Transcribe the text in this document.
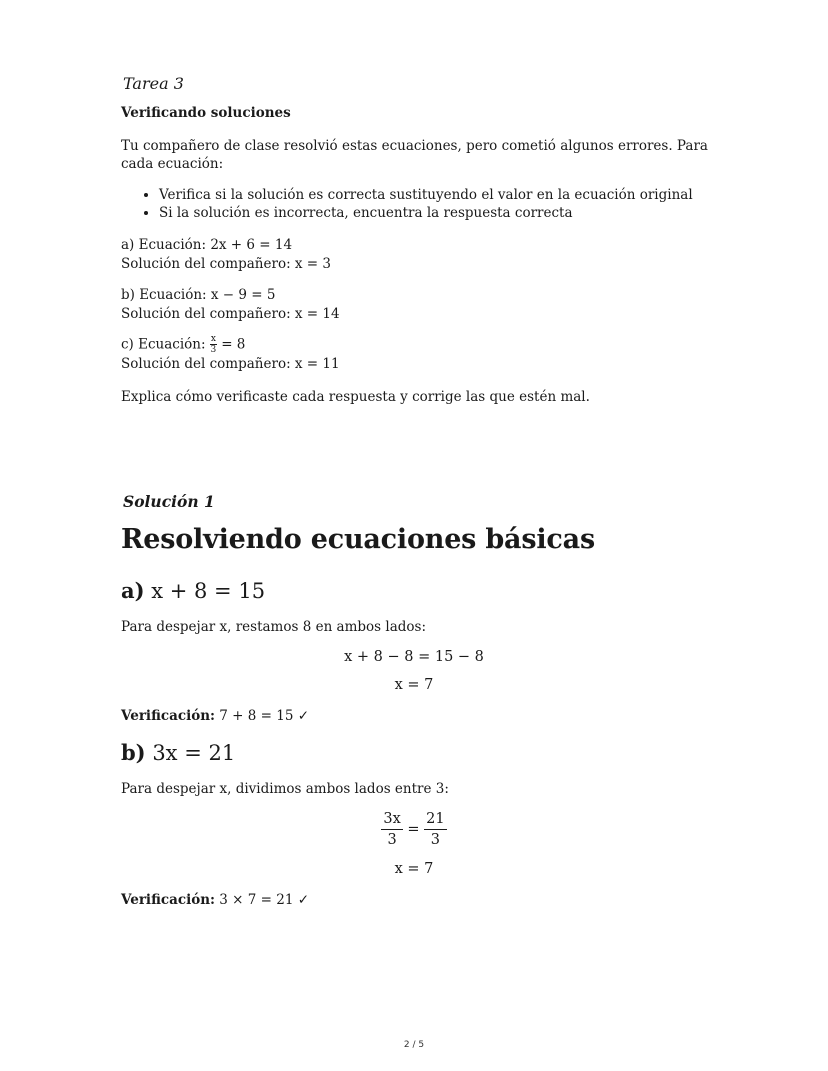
Tarea 3
Verificando soluciones
Tu compañero de clase resolvió estas ecuaciones, pero cometió algunos errores. Para cada ecuación:
• Verifica si la solución es correcta sustituyendo el valor en la ecuación original
• Si la solución es incorrecta, encuentra la respuesta correcta
a) Ecuación: 2x + 6 = 14
Solución del compañero: x = 3
b) Ecuación: x − 9 = 5
Solución del compañero: x = 14
c) Ecuación: $\frac{x}{3} = 8$
Solución del compañero: x = 11
Explica cómo verificaste cada respuesta y corrige las que estén mal.
Solución 1
Resolviendo ecuaciones básicas
a) x + 8 = 15
Para despejar x, restamos 8 en ambos lados:
x + 8 − 8 = 15 − 8
x = 7
Verificación: 7 + 8 = 15 ✓
b) 3x = 21
Para despejar x, dividimos ambos lados entre 3:
$\frac{3x}{3} = \frac{21}{3}$
x = 7
Verificación: 3 × 7 = 21 ✓
2 / 5
